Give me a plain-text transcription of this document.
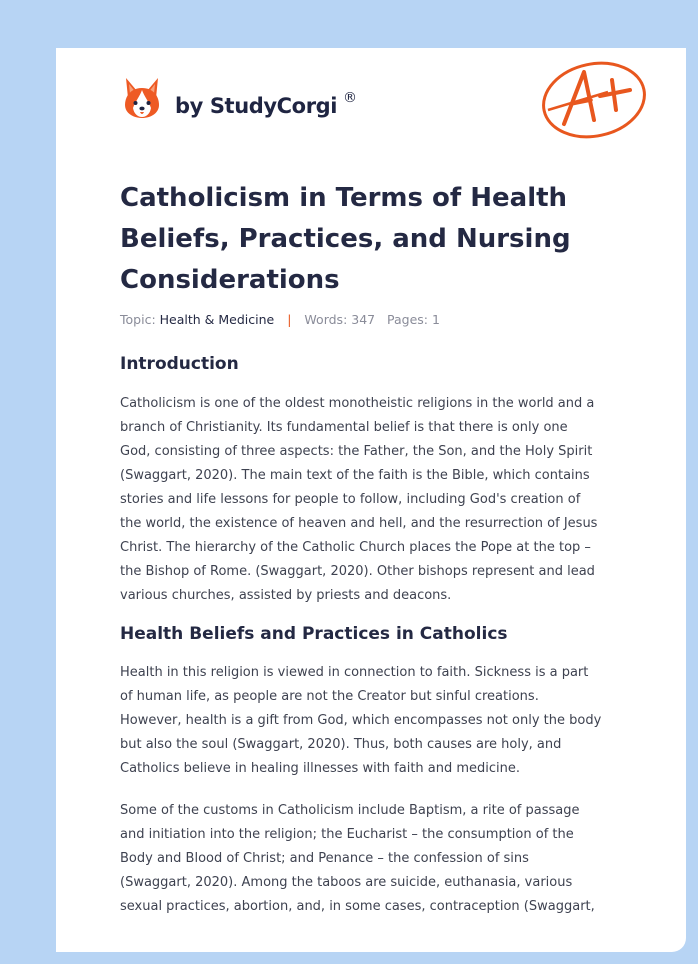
by StudyCorgi ®
Catholicism in Terms of Health Beliefs, Practices, and Nursing Considerations
Topic: Health & Medicine | Words: 347 Pages: 1
Introduction

Catholicism is one of the oldest monotheistic religions in the world and a
branch of Christianity. Its fundamental belief is that there is only one
God, consisting of three aspects: the Father, the Son, and the Holy Spirit
(Swaggart, 2020). The main text of the faith is the Bible, which contains
stories and life lessons for people to follow, including God's creation of
the world, the existence of heaven and hell, and the resurrection of Jesus
Christ. The hierarchy of the Catholic Church places the Pope at the top –
the Bishop of Rome. (Swaggart, 2020). Other bishops represent and lead
various churches, assisted by priests and deacons.

Health Beliefs and Practices in Catholics

Health in this religion is viewed in connection to faith. Sickness is a part
of human life, as people are not the Creator but sinful creations.
However, health is a gift from God, which encompasses not only the body
but also the soul (Swaggart, 2020). Thus, both causes are holy, and
Catholics believe in healing illnesses with faith and medicine.

Some of the customs in Catholicism include Baptism, a rite of passage
and initiation into the religion; the Eucharist – the consumption of the
Body and Blood of Christ; and Penance – the confession of sins
(Swaggart, 2020). Among the taboos are suicide, euthanasia, various
sexual practices, abortion, and, in some cases, contraception (Swaggart,
